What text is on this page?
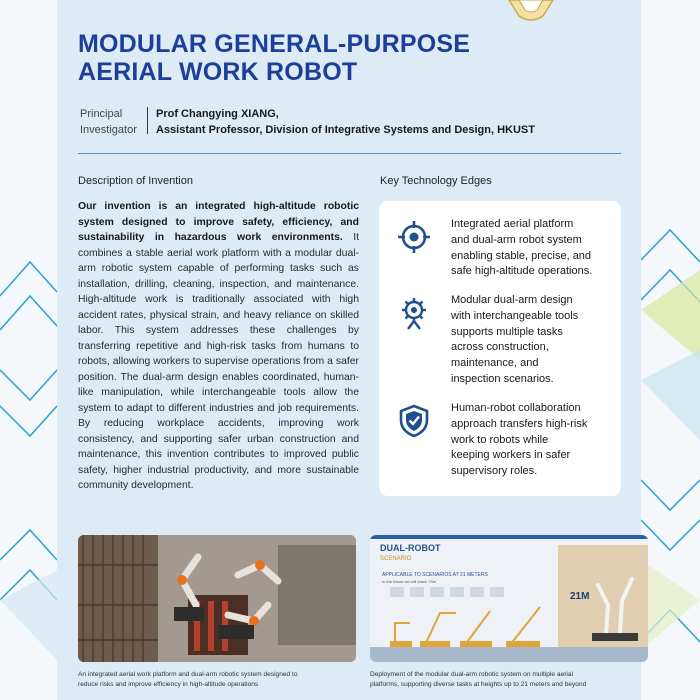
MODULAR GENERAL-PURPOSE
AERIAL WORK ROBOT
Principal
Investigator
Prof Changying XIANG,
Assistant Professor, Division of Integrative Systems and Design, HKUST
Description of Invention	Key Technology Edges

Our invention is an integrated high-altitude robotic system designed to improve safety, efficiency, and sustainability in hazardous work environments. It combines a stable aerial work platform with a modular dual-arm robotic system capable of performing tasks such as installation, drilling, cleaning, inspection, and maintenance. High-altitude work is traditionally associated with high accident rates, physical strain, and heavy reliance on skilled labor. This system addresses these challenges by transferring repetitive and high-risk tasks from humans to robots, allowing workers to supervise operations from a safer position. The dual-arm design enables coordinated, human-like manipulation, while interchangeable tools allow the system to adapt to different industries and job requirements. By reducing workplace accidents, improving work consistency, and supporting safer urban construction and maintenance, this invention contributes to improved public safety, higher industrial productivity, and more sustainable community development.

Integrated aerial platform
and dual-arm robot system
enabling stable, precise, and
safe high-altitude operations.
Modular dual-arm design
with interchangeable tools
supports multiple tasks
across construction,
maintenance, and
inspection scenarios.
Human-robot collaboration
approach transfers high-risk
work to robots while
keeping workers in safer
supervisory roles.
DUAL-ROBOT
SCENARIO
APPLICABLE TO SCENARIOS AT 21 METERS
In the future we will reach 70m
21M
An integrated aerial work platform and dual-arm robotic system designed to
reduce risks and improve efficiency in high-altitude operations
Deployment of the modular dual-arm robotic system on multiple aerial
platforms, supporting diverse tasks at heights up to 21 meters and beyond
